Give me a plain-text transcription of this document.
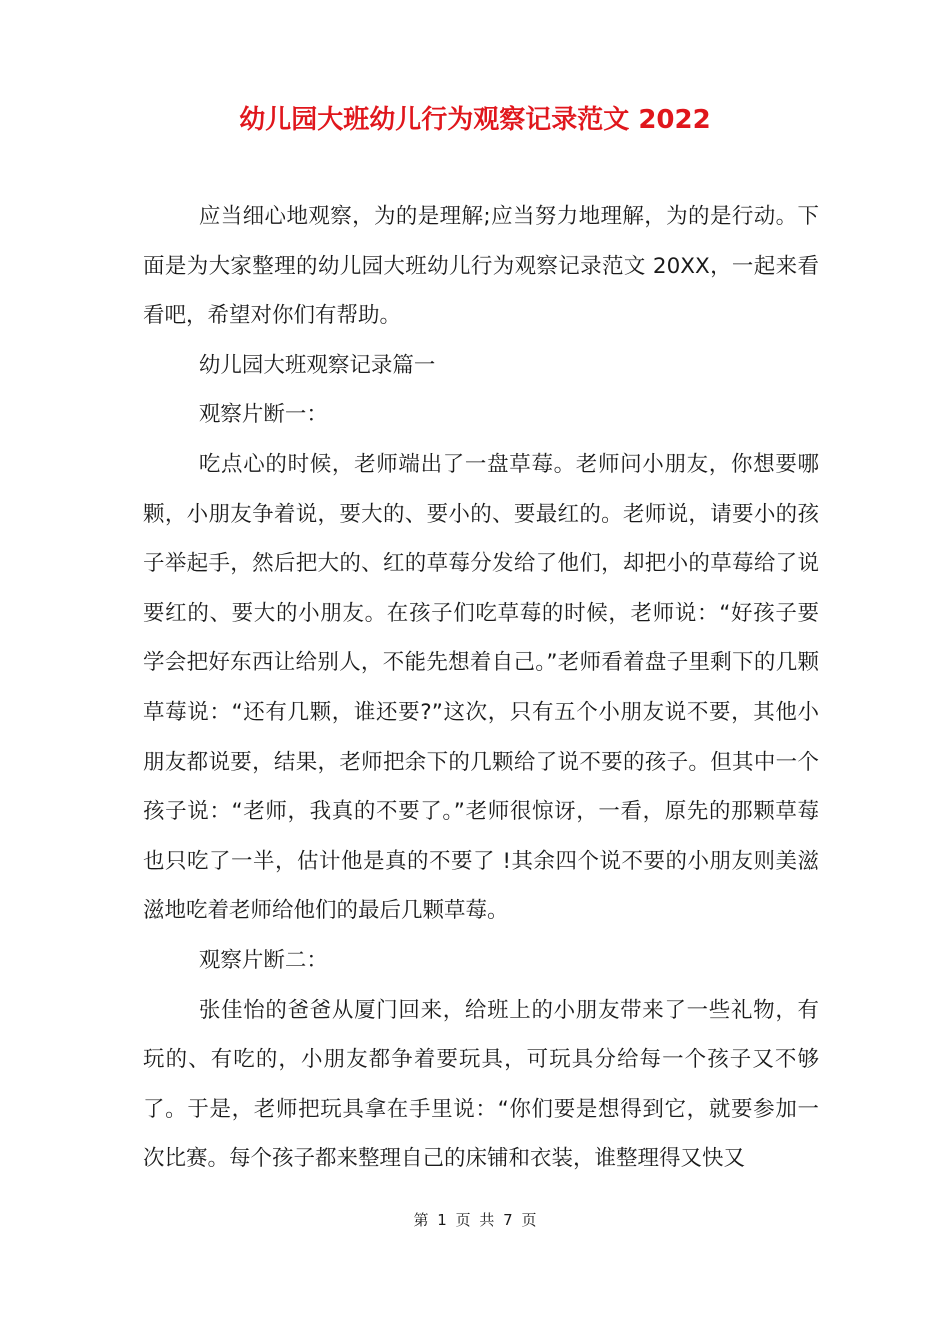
幼儿园大班幼儿行为观察记录范文 2022

应当细心地观察，为的是理解;应当努力地理解，为的是行动。下面是为大家整理的幼儿园大班幼儿行为观察记录范文 20XX，一起来看看吧，希望对你们有帮助。

幼儿园大班观察记录篇一

观察片断一：

吃点心的时候，老师端出了一盘草莓。老师问小朋友，你想要哪颗，小朋友争着说，要大的、要小的、要最红的。老师说，请要小的孩子举起手，然后把大的、红的草莓分发给了他们，却把小的草莓给了说要红的、要大的小朋友。在孩子们吃草莓的时候，老师说：“好孩子要学会把好东西让给别人，不能先想着自己。”老师看着盘子里剩下的几颗草莓说：“还有几颗，谁还要?”这次，只有五个小朋友说不要，其他小朋友都说要，结果，老师把余下的几颗给了说不要的孩子。但其中一个孩子说：“老师，我真的不要了。”老师很惊讶，一看，原先的那颗草莓也只吃了一半，估计他是真的不要了 !其余四个说不要的小朋友则美滋滋地吃着老师给他们的最后几颗草莓。

观察片断二：

张佳怡的爸爸从厦门回来，给班上的小朋友带来了一些礼物，有玩的、有吃的，小朋友都争着要玩具，可玩具分给每一个孩子又不够了。于是，老师把玩具拿在手里说：“你们要是想得到它，就要参加一次比赛。每个孩子都来整理自己的床铺和衣装，谁整理得又快又

第 1 页 共 7 页
